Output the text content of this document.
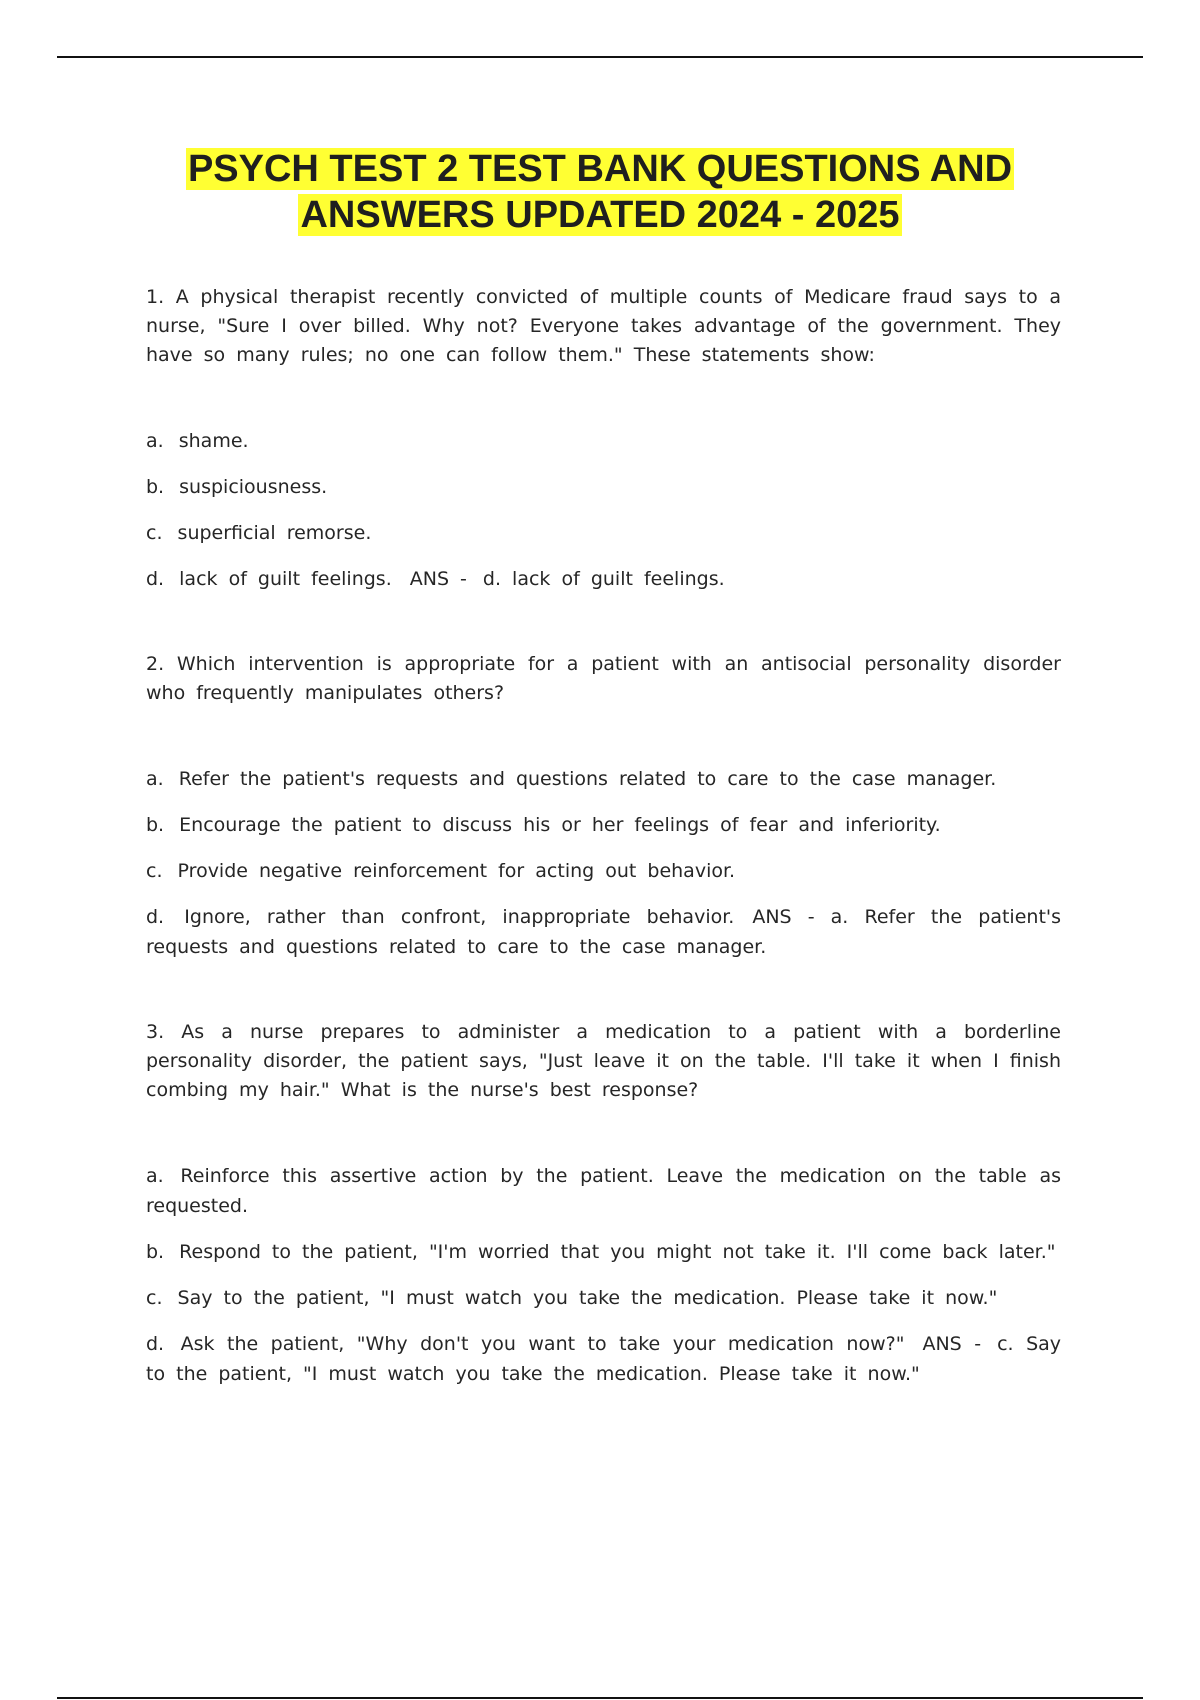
PSYCH TEST 2 TEST BANK QUESTIONS AND
ANSWERS UPDATED 2024 - 2025

1. A physical therapist recently convicted of multiple counts of Medicare fraud says to a nurse, "Sure I over billed. Why not? Everyone takes advantage of the government. They have so many rules; no one can follow them." These statements show:

a. shame.

b. suspiciousness.

c. superficial remorse.

d. lack of guilt feelings. ANS - d. lack of guilt feelings.

2. Which intervention is appropriate for a patient with an antisocial personality disorder who frequently manipulates others?

a. Refer the patient's requests and questions related to care to the case manager.

b. Encourage the patient to discuss his or her feelings of fear and inferiority.

c. Provide negative reinforcement for acting out behavior.

d. Ignore, rather than confront, inappropriate behavior. ANS - a. Refer the patient's requests and questions related to care to the case manager.

3. As a nurse prepares to administer a medication to a patient with a borderline personality disorder, the patient says, "Just leave it on the table. I'll take it when I finish combing my hair." What is the nurse's best response?

a. Reinforce this assertive action by the patient. Leave the medication on the table as requested.

b. Respond to the patient, "I'm worried that you might not take it. I'll come back later."

c. Say to the patient, "I must watch you take the medication. Please take it now."

d. Ask the patient, "Why don't you want to take your medication now?" ANS - c. Say to the patient, "I must watch you take the medication. Please take it now."
